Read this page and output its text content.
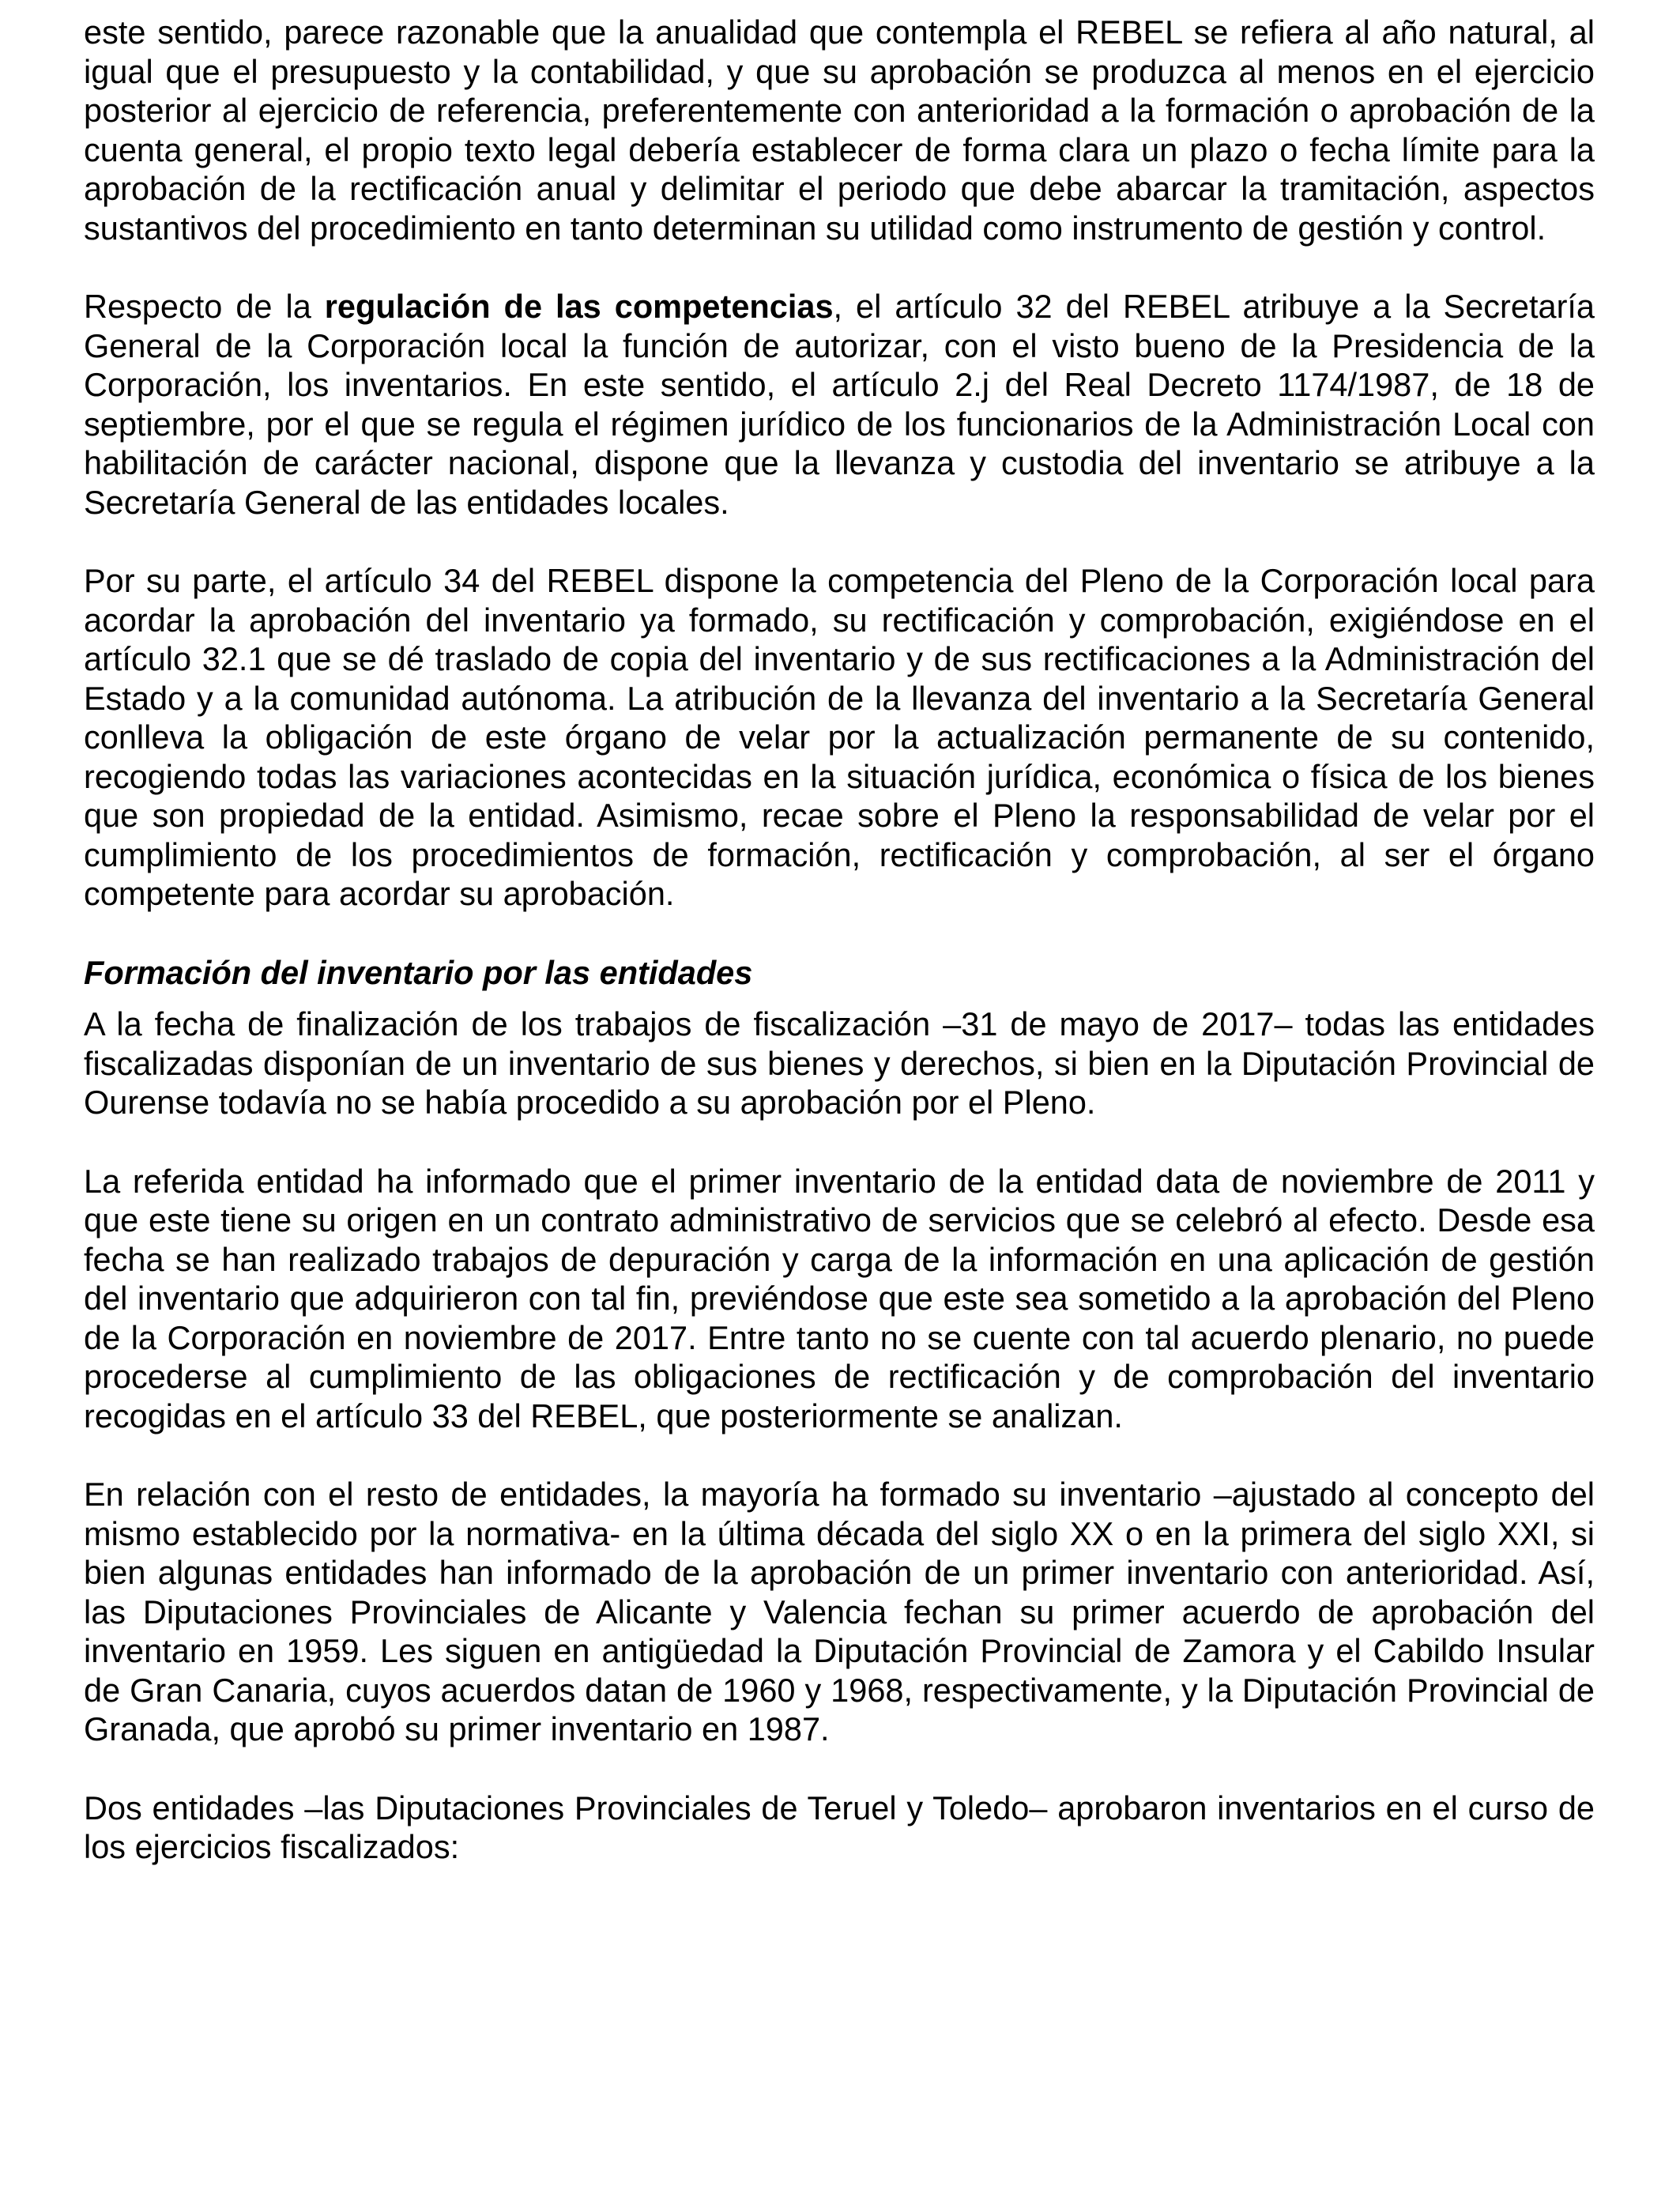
este sentido, parece razonable que la anualidad que contempla el REBEL se refiera al año natural, al igual que el presupuesto y la contabilidad, y que su aprobación se produzca al menos en el ejercicio posterior al ejercicio de referencia, preferentemente con anterioridad a la formación o aprobación de la cuenta general, el propio texto legal debería establecer de forma clara un plazo o fecha límite para la aprobación de la rectificación anual y delimitar el periodo que debe abarcar la tramitación, aspectos sustantivos del procedimiento en tanto determinan su utilidad como instrumento de gestión y control.

Respecto de la regulación de las competencias, el artículo 32 del REBEL atribuye a la Secretaría General de la Corporación local la función de autorizar, con el visto bueno de la Presidencia de la Corporación, los inventarios. En este sentido, el artículo 2.j del Real Decreto 1174/1987, de 18 de septiembre, por el que se regula el régimen jurídico de los funcionarios de la Administración Local con habilitación de carácter nacional, dispone que la llevanza y custodia del inventario se atribuye a la Secretaría General de las entidades locales.

Por su parte, el artículo 34 del REBEL dispone la competencia del Pleno de la Corporación local para acordar la aprobación del inventario ya formado, su rectificación y comprobación, exigiéndose en el artículo 32.1 que se dé traslado de copia del inventario y de sus rectificaciones a la Administración del Estado y a la comunidad autónoma. La atribución de la llevanza del inventario a la Secretaría General conlleva la obligación de este órgano de velar por la actualización permanente de su contenido, recogiendo todas las variaciones acontecidas en la situación jurídica, económica o física de los bienes que son propiedad de la entidad. Asimismo, recae sobre el Pleno la responsabilidad de velar por el cumplimiento de los procedimientos de formación, rectificación y comprobación, al ser el órgano competente para acordar su aprobación.

Formación del inventario por las entidades

A la fecha de finalización de los trabajos de fiscalización –31 de mayo de 2017– todas las entidades fiscalizadas disponían de un inventario de sus bienes y derechos, si bien en la Diputación Provincial de Ourense todavía no se había procedido a su aprobación por el Pleno.

La referida entidad ha informado que el primer inventario de la entidad data de noviembre de 2011 y que este tiene su origen en un contrato administrativo de servicios que se celebró al efecto. Desde esa fecha se han realizado trabajos de depuración y carga de la información en una aplicación de gestión del inventario que adquirieron con tal fin, previéndose que este sea sometido a la aprobación del Pleno de la Corporación en noviembre de 2017. Entre tanto no se cuente con tal acuerdo plenario, no puede procederse al cumplimiento de las obligaciones de rectificación y de comprobación del inventario recogidas en el artículo 33 del REBEL, que posteriormente se analizan.

En relación con el resto de entidades, la mayoría ha formado su inventario –ajustado al concepto del mismo establecido por la normativa- en la última década del siglo XX o en la primera del siglo XXI, si bien algunas entidades han informado de la aprobación de un primer inventario con anterioridad. Así, las Diputaciones Provinciales de Alicante y Valencia fechan su primer acuerdo de aprobación del inventario en 1959. Les siguen en antigüedad la Diputación Provincial de Zamora y el Cabildo Insular de Gran Canaria, cuyos acuerdos datan de 1960 y 1968, respectivamente, y la Diputación Provincial de Granada, que aprobó su primer inventario en 1987.

Dos entidades –las Diputaciones Provinciales de Teruel y Toledo– aprobaron inventarios en el curso de los ejercicios fiscalizados:
